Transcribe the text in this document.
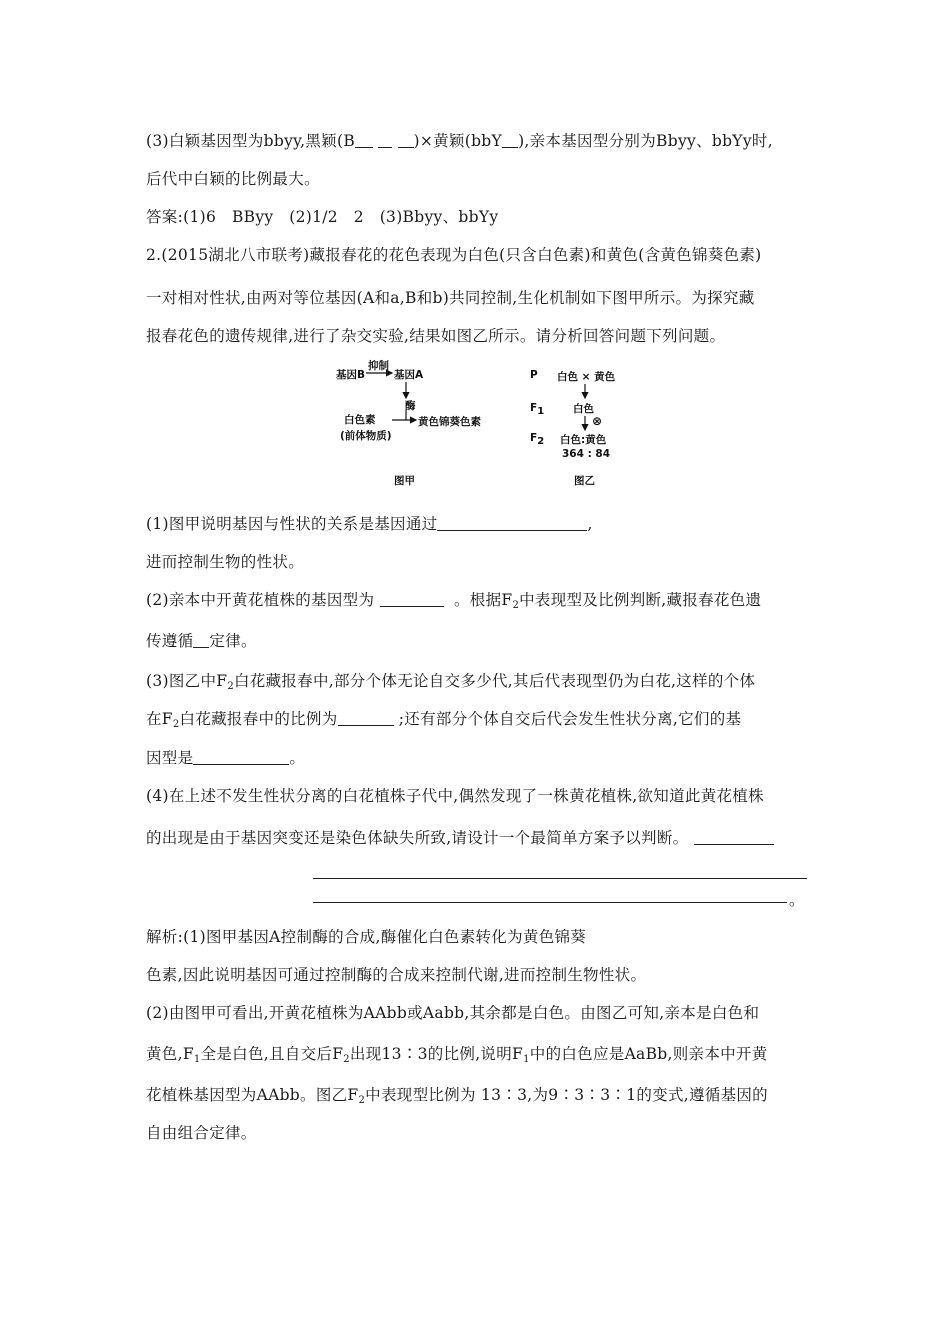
(3)白颖基因型为bbyy,黑颖(B	)×黄颖(bbY ),亲本基因型分别为Bbyy、bbYy时,
后代中白颖的比例最大。
答案:(1)6　BByy　(2)1/2　2　(3)Bbyy、bbYy
2.(2015湖北八市联考)藏报春花的花色表现为白色(只含白色素)和黄色(含黄色锦葵色素)
一对相对性状,由两对等位基因(A和a,B和b)共同控制,生化机制如下图甲所示。为探究藏
报春花色的遗传规律,进行了杂交实验,结果如图乙所示。请分析回答问题下列问题。
基因B
抑制
基因A
酶
白色素
(前体物质)
黄色锦葵色素
图甲
P
F1
F2
白色 × 黄色
白色
⊗
白色:黄色
364 : 84
图乙
(1)图甲说明基因与性状的关系是基因通过	,
进而控制生物的性状。
(2)亲本中开黄花植株的基因型为	。根据$F_2$中表现型及比例判断,藏报春花色遗
传遵循 定律。
(3)图乙中$F_2$白花藏报春中,部分个体无论自交多少代,其后代表现型仍为白花,这样的个体
在$F_2$白花藏报春中的比例为	;还有部分个体自交后代会发生性状分离,它们的基
因型是	。
(4)在上述不发生性状分离的白花植株子代中,偶然发现了一株黄花植株,欲知道此黄花植株
的出现是由于基因突变还是染色体缺失所致,请设计一个最简单方案予以判断。
。
解析:(1)图甲基因A控制酶的合成,酶催化白色素转化为黄色锦葵
色素,因此说明基因可通过控制酶的合成来控制代谢,进而控制生物性状。
(2)由图甲可看出,开黄花植株为AAbb或Aabb,其余都是白色。由图乙可知,亲本是白色和
黄色$,F_1$全是白色,且自交后$F_2$出现13∶3的比例,说明$F_1$中的白色应是AaBb,则亲本中开黄
花植株基因型为AAbb。图乙$F_2$中表现型比例为 13∶3,为9∶3∶3∶1的变式,遵循基因的
自由组合定律。
